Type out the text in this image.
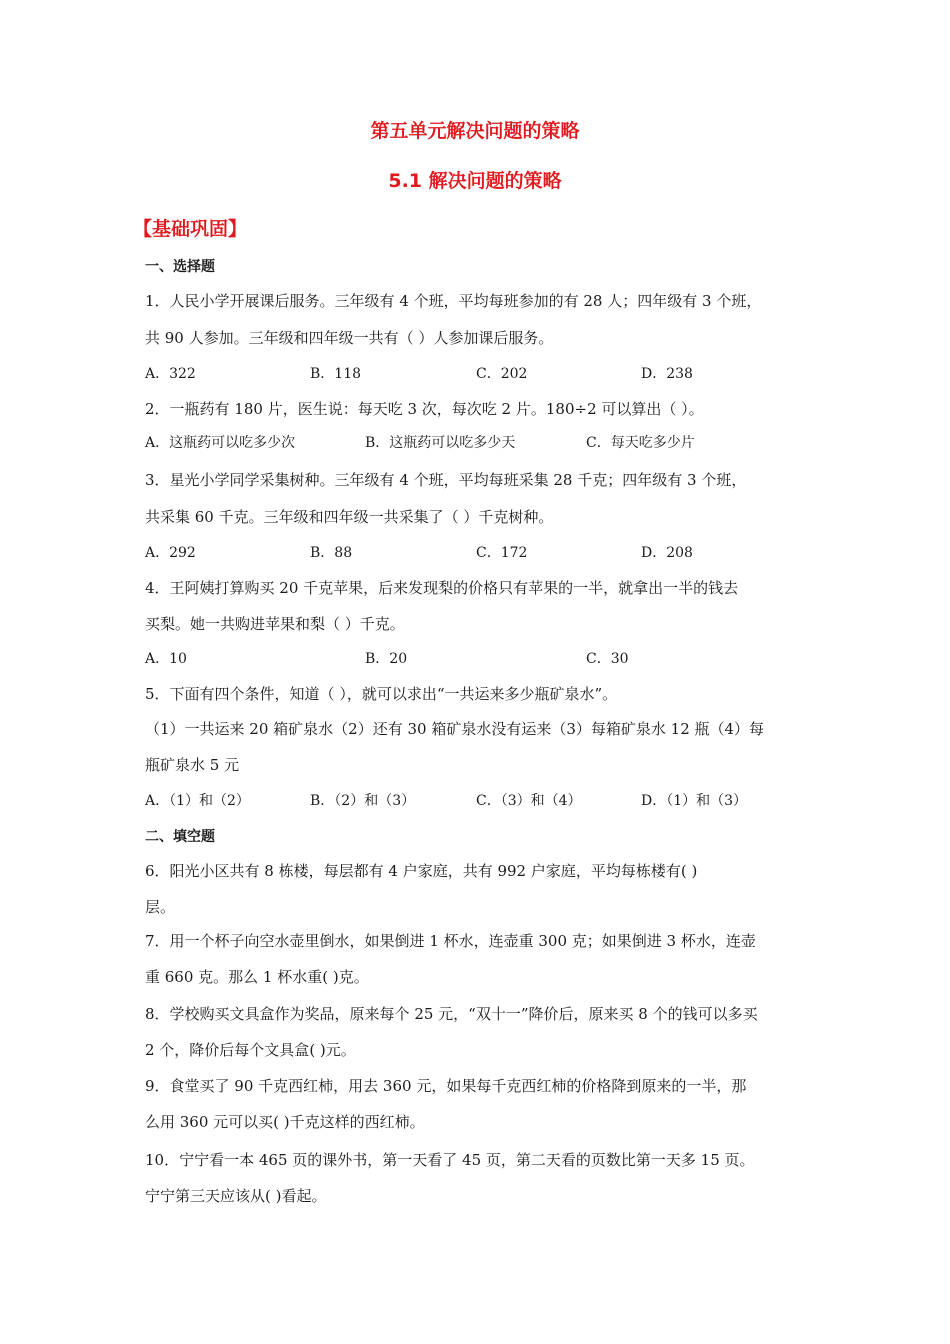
第五单元解决问题的策略
5.1 解决问题的策略
【基础巩固】
一、选择题
1．人民小学开展课后服务。三年级有 4 个班，平均每班参加的有 28 人；四年级有 3 个班，
共 90 人参加。三年级和四年级一共有（ ）人参加课后服务。
A．322	B．118	C．202	D．238
2．一瓶药有 180 片，医生说：每天吃 3 次，每次吃 2 片。180÷2 可以算出（ ）。
A．这瓶药可以吃多少次	B．这瓶药可以吃多少天	C．每天吃多少片
3．星光小学同学采集树种。三年级有 4 个班，平均每班采集 28 千克；四年级有 3 个班，
共采集 60 千克。三年级和四年级一共采集了（ ）千克树种。
A．292	B．88	C．172	D．208
4．王阿姨打算购买 20 千克苹果，后来发现梨的价格只有苹果的一半，就拿出一半的钱去
买梨。她一共购进苹果和梨（ ）千克。
A．10	B．20	C．30
5．下面有四个条件，知道（ ），就可以求出“一共运来多少瓶矿泉水”。
（1）一共运来 20 箱矿泉水（2）还有 30 箱矿泉水没有运来（3）每箱矿泉水 12 瓶（4）每
瓶矿泉水 5 元
A．（1）和（2）	B．（2）和（3）	C．（3）和（4）	D．（1）和（3）
二、填空题
6．阳光小区共有 8 栋楼，每层都有 4 户家庭，共有 992 户家庭，平均每栋楼有( )
层。
7．用一个杯子向空水壶里倒水，如果倒进 1 杯水，连壶重 300 克；如果倒进 3 杯水，连壶
重 660 克。那么 1 杯水重( )克。
8．学校购买文具盒作为奖品，原来每个 25 元，“双十一”降价后，原来买 8 个的钱可以多买
2 个，降价后每个文具盒( )元。
9．食堂买了 90 千克西红柿，用去 360 元，如果每千克西红柿的价格降到原来的一半，那
么用 360 元可以买( )千克这样的西红柿。
10．宁宁看一本 465 页的课外书，第一天看了 45 页，第二天看的页数比第一天多 15 页。
宁宁第三天应该从( )看起。
